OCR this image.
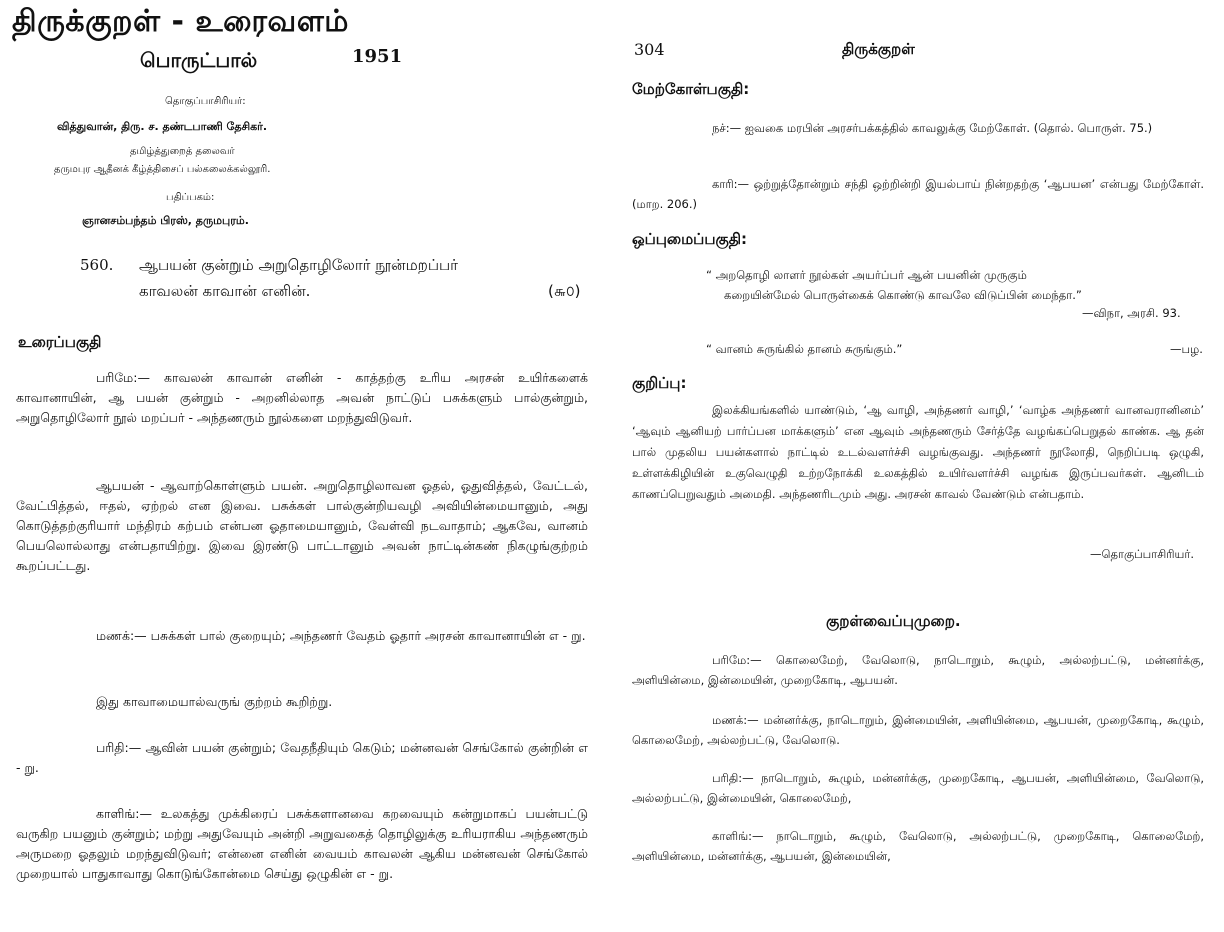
திருக்குறள் - உரைவளம்
பொருட்பால்	1951
தொகுப்பாசிரியர்:
வித்துவான், திரு. ச. தண்டபாணி தேசிகர்.
தமிழ்த்துறைத் தலைவர்
தருமபுர ஆதீனக் கீழ்த்திசைப் பல்கலைக்கல்லூரி.
பதிப்பகம்:
ஞானசம்பந்தம் பிரஸ், தருமபுரம்.
560. ஆபயன் குன்றும் அறுதொழிலோர் நூன்மறப்பர்
காவலன் காவான் எனின்.	(௬௦)
உரைப்பகுதி
பரிமே:— காவலன் காவான் எனின் - காத்தற்கு உரிய அரசன் உயிர்களைக் காவானாயின், ஆ பயன் குன்றும் - அறனில்லாத அவன் நாட்டுப் பசுக்களும் பால்குன்றும், அறுதொழிலோர் நூல் மறப்பர் - அந்தணரும் நூல்களை மறந்துவிடுவர்.
ஆபயன் - ஆவாற்கொள்ளும் பயன். அறுதொழிலாவன ஓதல், ஓதுவித்தல், வேட்டல், வேட்பித்தல், ஈதல், ஏற்றல் என இவை. பசுக்கள் பால்குன்றியவழி அவியின்மையானும், அது கொடுத்தற்குரியார் மந்திரம் கற்பம் என்பன ஓதாமையானும், வேள்வி நடவாதாம்; ஆகவே, வானம் பெயலொல்லாது என்பதாயிற்று. இவை இரண்டு பாட்டானும் அவன் நாட்டின்கண் நிகழுங்குற்றம் கூறப்பட்டது.
மணக்:— பசுக்கள் பால் குறையும்; அந்தணர் வேதம் ஓதார் அரசன் காவானாயின் எ - று.
இது காவாமையால்வருங் குற்றம் கூறிற்று.
பரிதி:— ஆவின் பயன் குன்றும்; வேதநீதியும் கெடும்; மன்னவன் செங்கோல் குன்றின் எ - று.
காளிங்:— உலகத்து முக்கிரைப் பசுக்களானவை கறவையும் கன்றுமாகப் பயன்பட்டு வருகிற பயனும் குன்றும்; மற்று அதுவேயும் அன்றி அறுவகைத் தொழிலுக்கு உரியராகிய அந்தணரும் அருமறை ஓதலும் மறந்துவிடுவர்; என்னை எனின் வையம் காவலன் ஆகிய மன்னவன் செங்கோல் முறையால் பாதுகாவாது கொடுங்கோன்மை செய்து ஒழுகின் எ - று.
304	திருக்குறள்
மேற்கோள்பகுதி:
நச்:— ஐவகை மரபின் அரசர்பக்கத்தில் காவலுக்கு மேற்கோள். (தொல். பொருள். 75.)
காரி:— ஒற்றுத்தோன்றும் சந்தி ஒற்றின்றி இயல்பாய் நின்றதற்கு ‘ஆபயன’ என்பது மேற்கோள். (மாற. 206.)
ஒப்புமைப்பகுதி:
“ அறதொழி லாளர் நூல்கள் அயர்ப்பர் ஆன் பயனின் முருகும்
கறையின்மேல் பொருள்கைக் கொண்டு காவலே விடுப்பின் மைந்தா.”
—விநா, அரசி. 93.
“ வானம் சுருங்கில் தானம் சுருங்கும்.”	—பழ.
குறிப்பு:
இலக்கியங்களில் யாண்டும், ‘ஆ வாழி, அந்தணர் வாழி,’ ‘வாழ்க அந்தணர் வானவரானினம்’ ‘ஆவும் ஆனியற் பார்ப்பன மாக்களும்’ என ஆவும் அந்தணரும் சேர்த்தே வழங்கப்பெறுதல் காண்க. ஆ தன் பால் முதலிய பயன்களால் நாட்டில் உடல்வளர்ச்சி வழங்குவது. அந்தணர் நூலோதி, நெறிப்படி ஒழுகி, உள்ளக்கிழியின் உகுவெழுதி உற்றநோக்கி உலகத்தில் உயிர்வளர்ச்சி வழங்க இருப்பவர்கள். ஆனிடம் காணப்பெறுவதும் அமைதி. அந்தணரிடமும் அது. அரசன் காவல் வேண்டும் என்பதாம்.
—தொகுப்பாசிரியர்.
குறள்வைப்புமுறை.
பரிமே:— கொலைமேற், வேலொடு, நாடொறும், கூழும், அல்லற்பட்டு, மன்னர்க்கு, அளியின்மை, இன்மையின், முறைகோடி, ஆபயன்.
மணக்:— மன்னர்க்கு, நாடொறும், இன்மையின், அளியின்மை, ஆபயன், முறைகோடி, கூழும், கொலைமேற், அல்லற்பட்டு, வேலொடு.
பரிதி:— நாடொறும், கூழும், மன்னர்க்கு, முறைகோடி, ஆபயன், அளியின்மை, வேலொடு, அல்லற்பட்டு, இன்மையின், கொலைமேற்,
காளிங்:— நாடொறும், கூழும், வேலொடு, அல்லற்பட்டு, முறைகோடி, கொலைமேற், அளியின்மை, மன்னர்க்கு, ஆபயன், இன்மையின்,
